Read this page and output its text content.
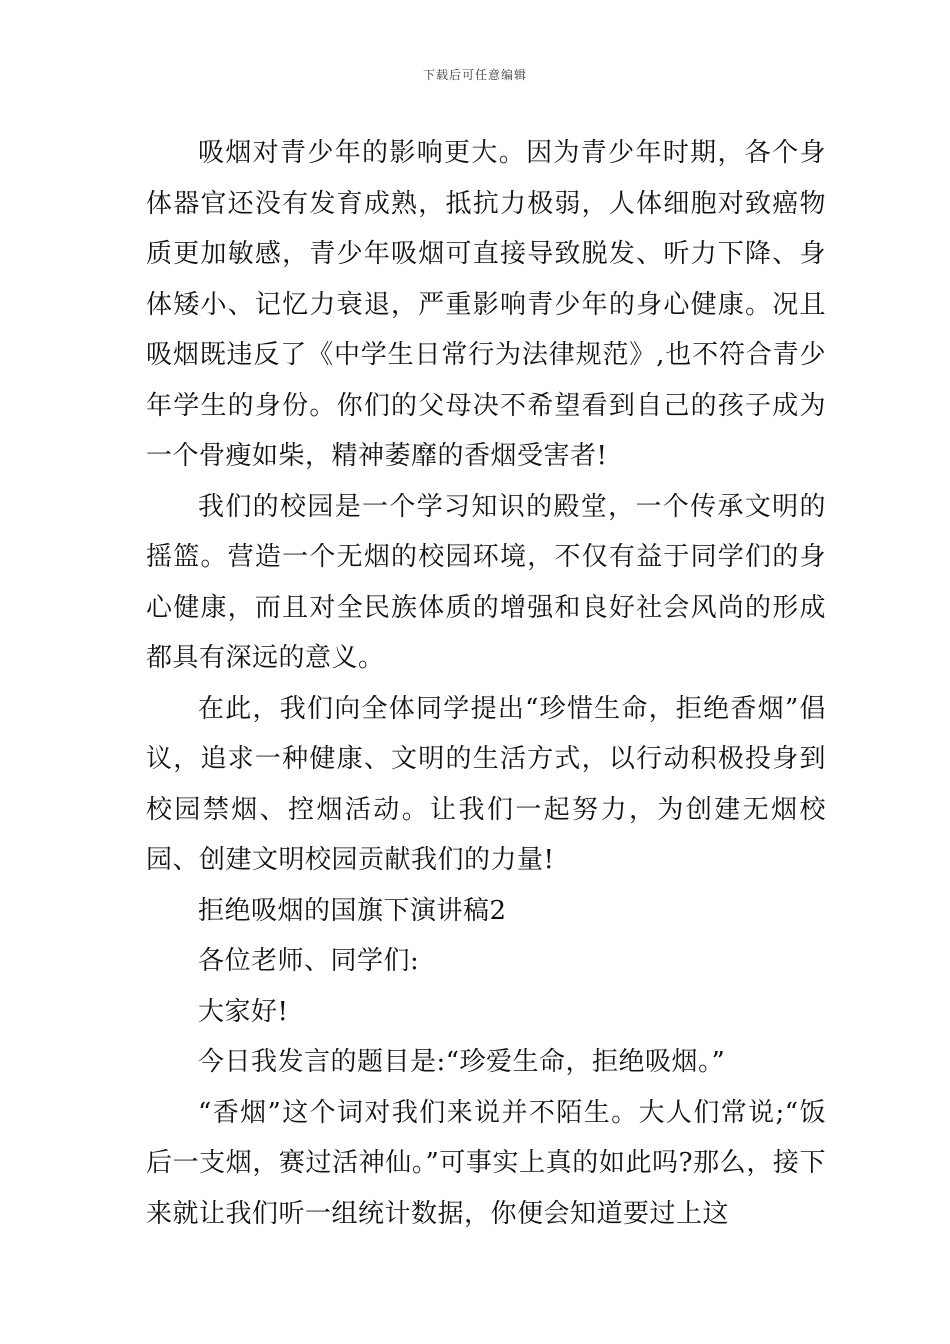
下载后可任意编辑

吸烟对青少年的影响更大。因为青少年时期，各个身体器官还没有发育成熟，抵抗力极弱，人体细胞对致癌物质更加敏感，青少年吸烟可直接导致脱发、听力下降、身体矮小、记忆力衰退，严重影响青少年的身心健康。况且吸烟既违反了《中学生日常行为法律规范》,也不符合青少年学生的身份。你们的父母决不希望看到自己的孩子成为一个骨瘦如柴，精神萎靡的香烟受害者!

我们的校园是一个学习知识的殿堂，一个传承文明的摇篮。营造一个无烟的校园环境，不仅有益于同学们的身心健康，而且对全民族体质的增强和良好社会风尚的形成都具有深远的意义。

在此，我们向全体同学提出“珍惜生命，拒绝香烟”倡议，追求一种健康、文明的生活方式，以行动积极投身到校园禁烟、控烟活动。让我们一起努力，为创建无烟校园、创建文明校园贡献我们的力量!

拒绝吸烟的国旗下演讲稿2

各位老师、同学们:

大家好!

今日我发言的题目是:“珍爱生命，拒绝吸烟。”

“香烟”这个词对我们来说并不陌生。大人们常说;“饭后一支烟，赛过活神仙。”可事实上真的如此吗?那么，接下来就让我们听一组统计数据，你便会知道要过上这
